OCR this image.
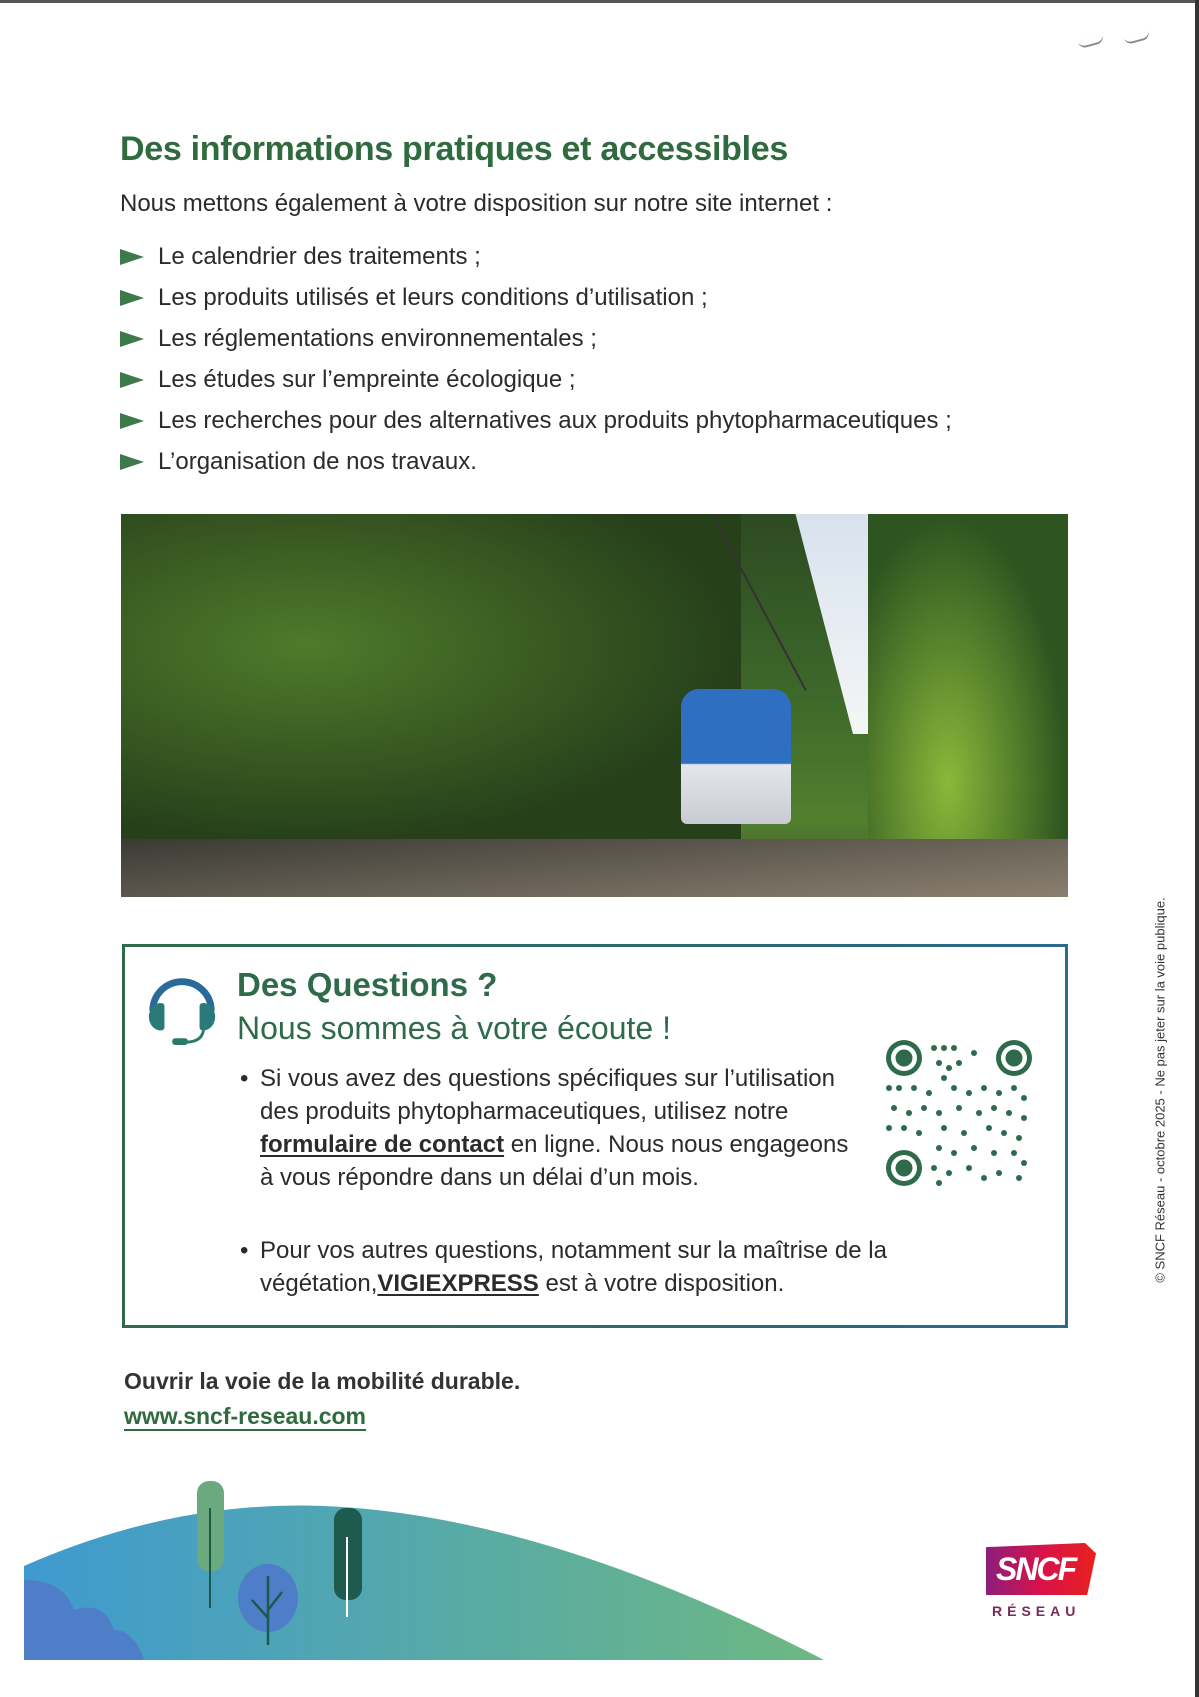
Des informations pratiques et accessibles
Nous mettons également à votre disposition sur notre site internet :
Le calendrier des traitements ;
Les produits utilisés et leurs conditions d’utilisation ;
Les réglementations environnementales ;
Les études sur l’empreinte écologique ;
Les recherches pour des alternatives aux produits phytopharmaceutiques ;
L’organisation de nos travaux.
Des Questions ?
Nous sommes à votre écoute !
• Si vous avez des questions spécifiques sur l’utilisation des produits phytopharmaceutiques, utilisez notre formulaire de contact en ligne. Nous nous engageons à vous répondre dans un délai d’un mois.
• Pour vos autres questions, notamment sur la maîtrise de la végétation,VIGIEXPRESS est à votre disposition.
Ouvrir la voie de la mobilité durable.
www.sncf-reseau.com
© SNCF Réseau - octobre 2025 - Ne pas jeter sur la voie publique.
SNCF
RÉSEAU
